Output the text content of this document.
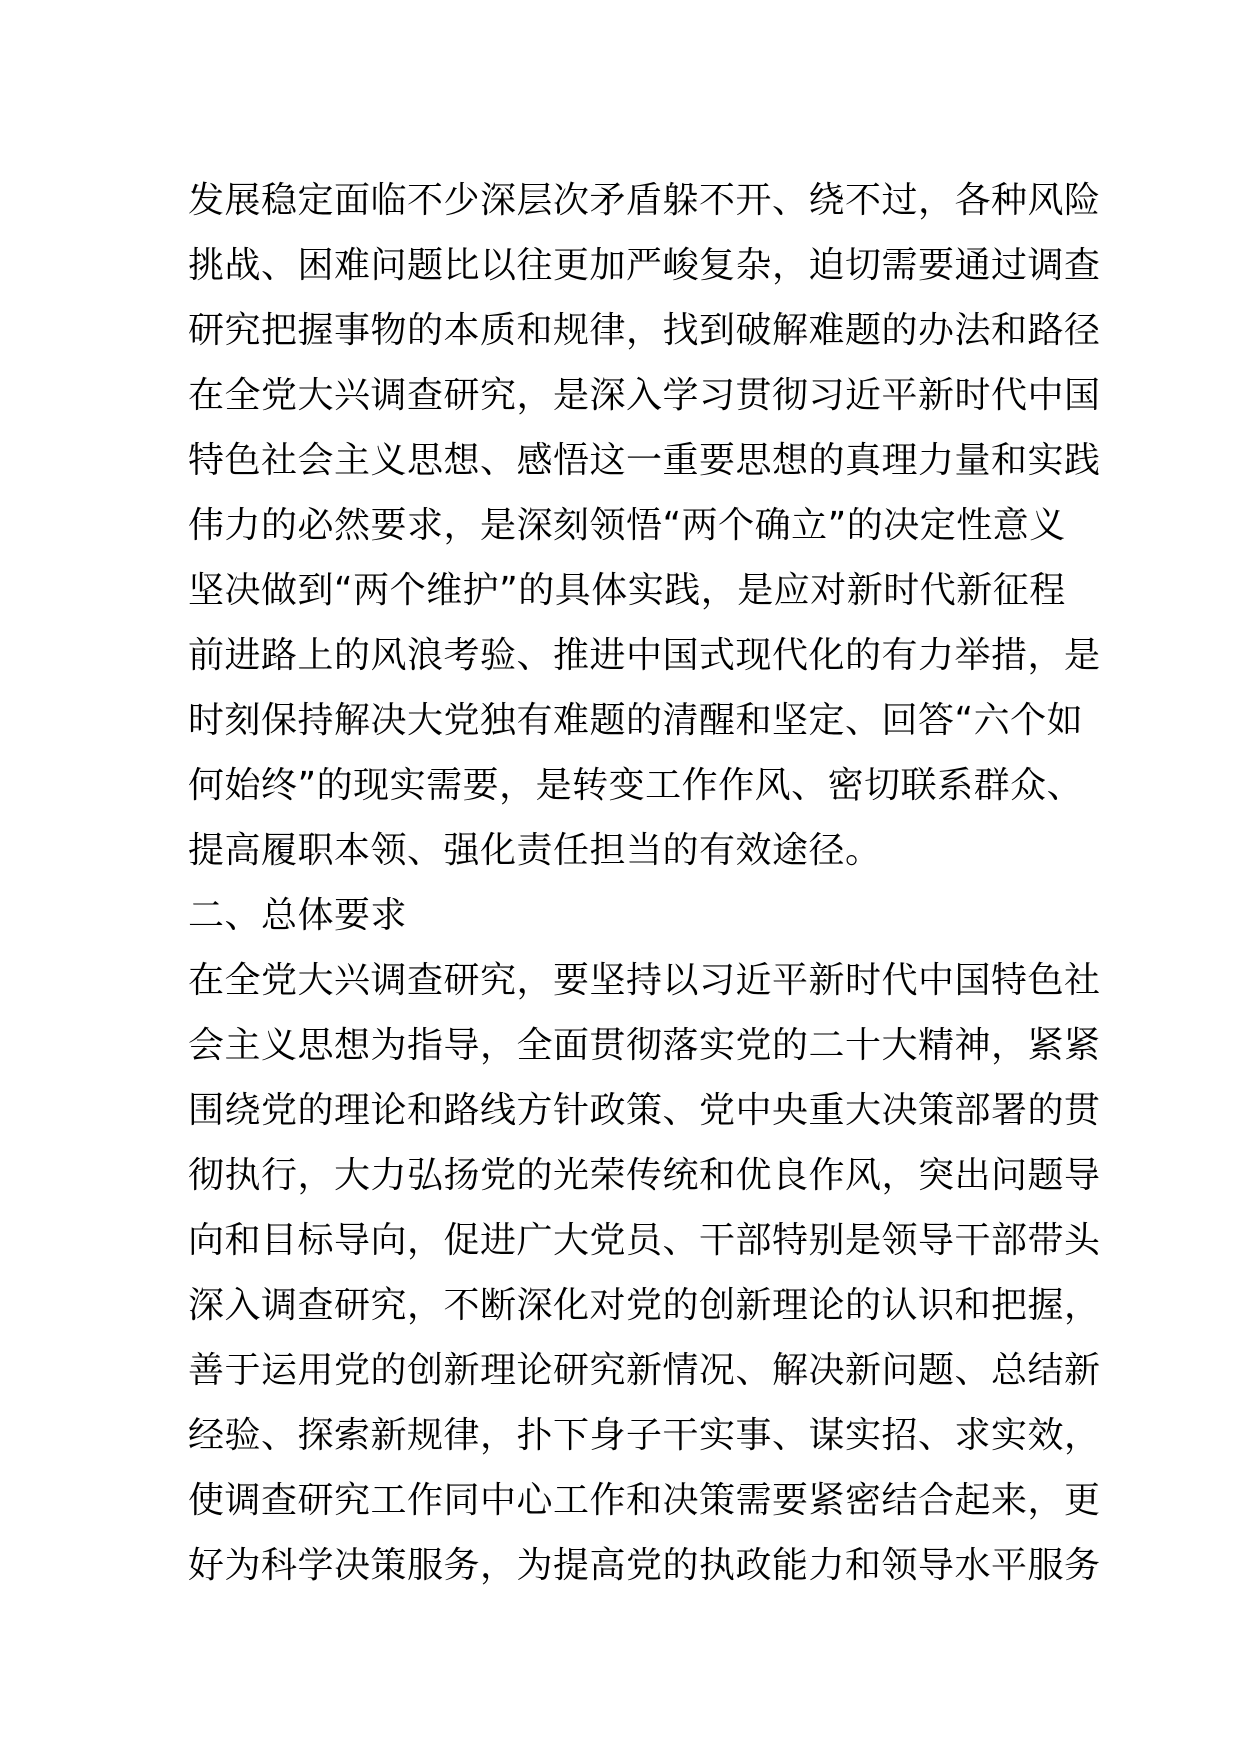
发展稳定面临不少深层次矛盾躲不开、绕不过，各种风险
挑战、困难问题比以往更加严峻复杂，迫切需要通过调查
研究把握事物的本质和规律，找到破解难题的办法和路径
在全党大兴调查研究，是深入学习贯彻习近平新时代中国
特色社会主义思想、感悟这一重要思想的真理力量和实践
伟力的必然要求，是深刻领悟“两个确立”的决定性意义
坚决做到“两个维护”的具体实践，是应对新时代新征程
前进路上的风浪考验、推进中国式现代化的有力举措，是
时刻保持解决大党独有难题的清醒和坚定、回答“六个如
何始终”的现实需要，是转变工作作风、密切联系群众、
提高履职本领、强化责任担当的有效途径。
二、总体要求
在全党大兴调查研究，要坚持以习近平新时代中国特色社
会主义思想为指导，全面贯彻落实党的二十大精神，紧紧
围绕党的理论和路线方针政策、党中央重大决策部署的贯
彻执行，大力弘扬党的光荣传统和优良作风，突出问题导
向和目标导向，促进广大党员、干部特别是领导干部带头
深入调查研究，不断深化对党的创新理论的认识和把握，
善于运用党的创新理论研究新情况、解决新问题、总结新
经验、探索新规律，扑下身子干实事、谋实招、求实效，
使调查研究工作同中心工作和决策需要紧密结合起来，更
好为科学决策服务，为提高党的执政能力和领导水平服务
